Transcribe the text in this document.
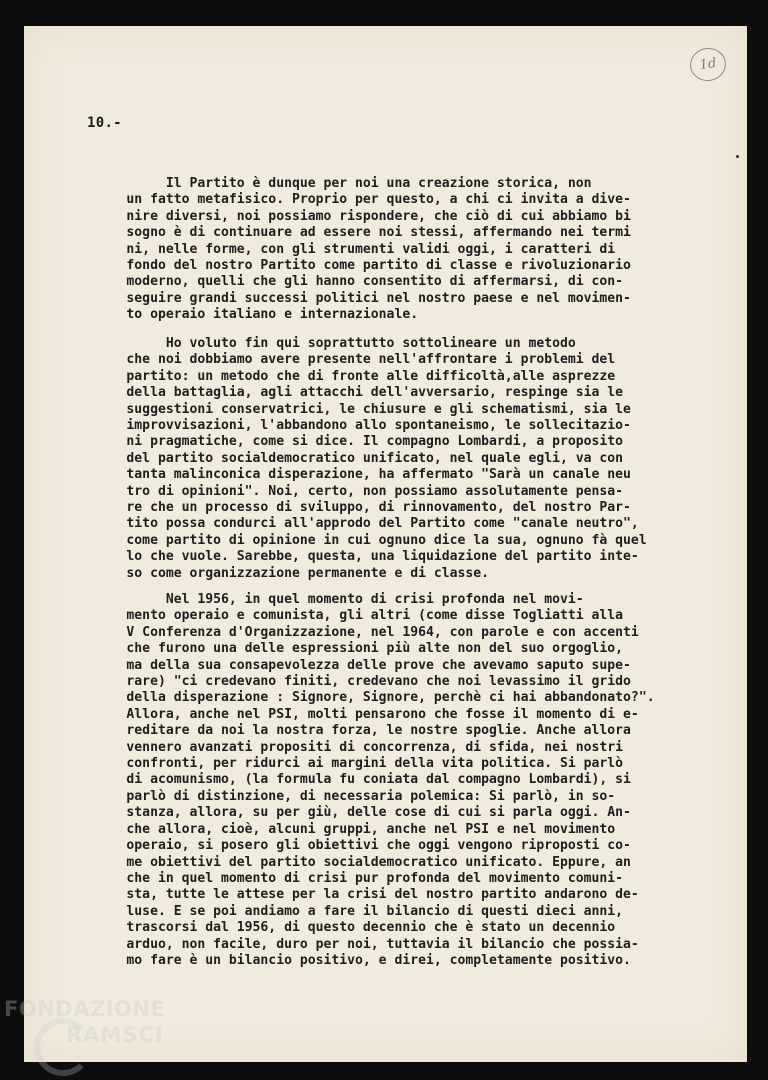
1d
10.-
Il Partito è dunque per noi una creazione storica, non
un fatto metafisico. Proprio per questo, a chi ci invita a dive-
nire diversi, noi possiamo rispondere, che ciò di cui abbiamo bi
sogno è di continuare ad essere noi stessi, affermando nei termi
ni, nelle forme, con gli strumenti validi oggi, i caratteri di
fondo del nostro Partito come partito di classe e rivoluzionario
moderno, quelli che gli hanno consentito di affermarsi, di con-
seguire grandi successi politici nel nostro paese e nel movimen-
to operaio italiano e internazionale.
Ho voluto fin qui soprattutto sottolineare un metodo
che noi dobbiamo avere presente nell'affrontare i problemi del
partito: un metodo che di fronte alle difficoltà,alle asprezze
della battaglia, agli attacchi dell'avversario, respinge sia le
suggestioni conservatrici, le chiusure e gli schematismi, sia le
improvvisazioni, l'abbandono allo spontaneismo, le sollecitazio-
ni pragmatiche, come si dice. Il compagno Lombardi, a proposito
del partito socialdemocratico unificato, nel quale egli, va con
tanta malinconica disperazione, ha affermato "Sarà un canale neu
tro di opinioni". Noi, certo, non possiamo assolutamente pensa-
re che un processo di sviluppo, di rinnovamento, del nostro Par-
tito possa condurci all'approdo del Partito come "canale neutro",
come partito di opinione in cui ognuno dice la sua, ognuno fà quel
lo che vuole. Sarebbe, questa, una liquidazione del partito inte-
so come organizzazione permanente e di classe.
Nel 1956, in quel momento di crisi profonda nel movi-
mento operaio e comunista, gli altri (come disse Togliatti alla
V Conferenza d'Organizzazione, nel 1964, con parole e con accenti
che furono una delle espressioni più alte non del suo orgoglio,
ma della sua consapevolezza delle prove che avevamo saputo supe-
rare) "ci credevano finiti, credevano che noi levassimo il grido
della disperazione : Signore, Signore, perchè ci hai abbandonato?".
Allora, anche nel PSI, molti pensarono che fosse il momento di e-
reditare da noi la nostra forza, le nostre spoglie. Anche allora
vennero avanzati propositi di concorrenza, di sfida, nei nostri
confronti, per ridurci ai margini della vita politica. Si parlò
di acomunismo, (la formula fu coniata dal compagno Lombardi), si
parlò di distinzione, di necessaria polemica: Si parlò, in so-
stanza, allora, su per giù, delle cose di cui si parla oggi. An-
che allora, cioè, alcuni gruppi, anche nel PSI e nel movimento
operaio, si posero gli obiettivi che oggi vengono riproposti co-
me obiettivi del partito socialdemocratico unificato. Eppure, an
che in quel momento di crisi pur profonda del movimento comuni-
sta, tutte le attese per la crisi del nostro partito andarono de-
luse. E se poi andiamo a fare il bilancio di questi dieci anni,
trascorsi dal 1956, di questo decennio che è stato un decennio
arduo, non facile, duro per noi, tuttavia il bilancio che possia-
mo fare è un bilancio positivo, e direi, completamente positivo.
FONDAZIONE
RAMSCI
